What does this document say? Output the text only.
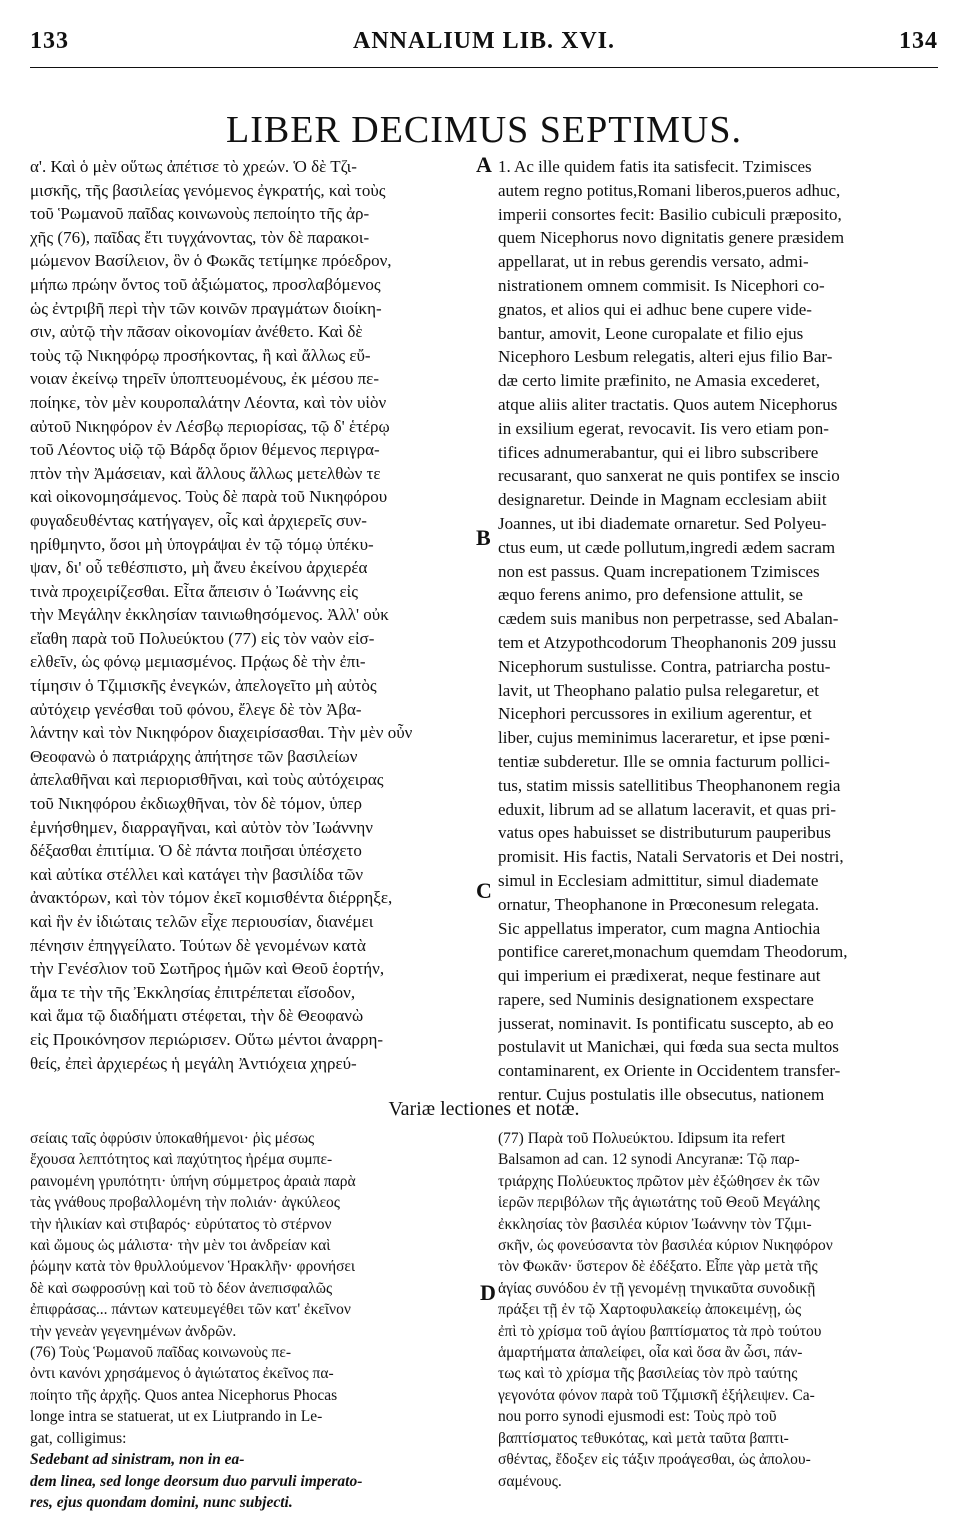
133	ANNALIUM LIB. XVI.	134
LIBER DECIMUS SEPTIMUS.
α'. Καὶ ὁ μὲν οὕτως ἀπέτισε τὸ χρεών. Ὁ δὲ Τζι-
μισκῆς, τῆς βασιλείας γενόμενος ἐγκρατής, καὶ τοὺς
τοῦ Ῥωμανοῦ παῖδας κοινωνοὺς πεποίητο τῆς ἀρ-
χῆς (76), παῖδας ἔτι τυγχάνοντας, τὸν δὲ παρακοι-
μώμενον Βασίλειον, ὃν ὁ Φωκᾶς τετίμηκε πρόεδρον,
μήπω πρώην ὄντος τοῦ ἀξιώματος, προσλαβόμενος
ὡς ἐντριβῆ περὶ τὴν τῶν κοινῶν πραγμάτων διοίκη-
σιν, αὐτῷ τὴν πᾶσαν οἰκονομίαν ἀνέθετο. Καὶ δὲ
τοὺς τῷ Νικηφόρῳ προσήκοντας, ἢ καὶ ἄλλως εὔ-
νοιαν ἐκείνῳ τηρεῖν ὑποπτευομένους, ἐκ μέσου πε-
ποίηκε, τὸν μὲν κουροπαλάτην Λέοντα, καὶ τὸν υἱὸν
αὐτοῦ Νικηφόρον ἐν Λέσβῳ περιορίσας, τῷ δ' ἑτέρῳ
τοῦ Λέοντος υἱῷ τῷ Βάρδᾳ ὅριον θέμενος περιγρα-
πτὸν τὴν Ἀμάσειαν, καὶ ἄλλους ἄλλως μετελθὼν τε
καὶ οἰκονομησάμενος. Τοὺς δὲ παρὰ τοῦ Νικηφόρου
φυγαδευθέντας κατήγαγεν, οἷς καὶ ἀρχιερεῖς συν-
ηρίθμηντο, ὅσοι μὴ ὑπογράψαι ἐν τῷ τόμῳ ὑπέκυ-
ψαν, δι' οὗ τεθέσπιστο, μὴ ἄνευ ἐκείνου ἀρχιερέα
τινὰ προχειρίζεσθαι. Εἶτα ἄπεισιν ὁ Ἰωάννης εἰς
τὴν Μεγάλην ἐκκλησίαν ταινιωθησόμενος. Ἀλλ' οὐκ
εἴαθη παρὰ τοῦ Πολυεύκτου (77) εἰς τὸν ναὸν εἰσ-
ελθεῖν, ὡς φόνῳ μεμιασμένος. Πρᾴως δὲ τὴν ἐπι-
τίμησιν ὁ Τζιμισκῆς ἐνεγκών, ἀπελογεῖτο μὴ αὐτὸς
αὐτόχειρ γενέσθαι τοῦ φόνου, ἔλεγε δὲ τὸν Ἀβα-
λάντην καὶ τὸν Νικηφόρον διαχειρίσασθαι. Τὴν μὲν οὖν
Θεοφανὼ ὁ πατριάρχης ἀπήτησε τῶν βασιλείων
ἀπελαθῆναι καὶ περιορισθῆναι, καὶ τοὺς αὐτόχειρας
τοῦ Νικηφόρου ἐκδιωχθῆναι, τὸν δὲ τόμον, ὑπερ
ἐμνήσθημεν, διαρραγῆναι, καὶ αὐτὸν τὸν Ἰωάννην
δέξασθαι ἐπιτίμια. Ὁ δὲ πάντα ποιῆσαι ὑπέσχετο
καὶ αὐτίκα στέλλει καὶ κατάγει τὴν βασιλίδα τῶν
ἀνακτόρων, καὶ τὸν τόμον ἐκεῖ κομισθέντα διέρρηξε,
καὶ ἣν ἐν ἰδιώταις τελῶν εἶχε περιουσίαν, διανέμει
πένησιν ἐπηγγείλατο. Τούτων δὲ γενομένων κατὰ
τὴν Γενέσλιον τοῦ Σωτῆρος ἡμῶν καὶ Θεοῦ ἑορτήν,
ἅμα τε τὴν τῆς Ἐκκλησίας ἐπιτρέπεται εἴσοδον,
καὶ ἅμα τῷ διαδήματι στέφεται, τὴν δὲ Θεοφανὼ
εἰς Προικόνησον περιώρισεν. Οὕτω μέντοι ἀναρρη-
θείς, ἐπεὶ ἀρχιερέως ἡ μεγάλη Ἀντιόχεια χηρεύ-
1. Ac ille quidem fatis ita satisfecit. Tzimisces
autem regno potitus,Romani liberos,pueros adhuc,
imperii consortes fecit: Basilio cubiculi præposito,
quem Nicephorus novo dignitatis genere præsidem
appellarat, ut in rebus gerendis versato, admi-
nistrationem omnem commisit. Is Nicephori co-
gnatos, et alios qui ei adhuc bene cupere vide-
bantur, amovit, Leone curopalate et filio ejus
Nicephoro Lesbum relegatis, alteri ejus filio Bar-
dæ certo limite præfinito, ne Amasia excederet,
atque aliis aliter tractatis. Quos autem Nicephorus
in exsilium egerat, revocavit. Iis vero etiam pon-
tifices adnumerabantur, qui ei libro subscribere
recusarant, quo sanxerat ne quis pontifex se inscio
designaretur. Deinde in Magnam ecclesiam abiit
Joannes, ut ibi diademate ornaretur. Sed Polyeu-
ctus eum, ut cæde pollutum,ingredi ædem sacram
non est passus. Quam increpationem Tzimisces
æquo ferens animo, pro defensione attulit, se
cædem suis manibus non perpetrasse, sed Abalan-
tem et Atzypothcodorum Theophanonis 209 jussu
Nicephorum sustulisse. Contra, patriarcha postu-
lavit, ut Theophano palatio pulsa relegaretur, et
Nicephori percussores in exilium agerentur, et
liber, cujus meminimus laceraretur, et ipse pœni-
tentiæ subderetur. Ille se omnia facturum pollici-
tus, statim missis satellitibus Theophanonem regia
eduxit, librum ad se allatum laceravit, et quas pri-
vatus opes habuisset se distributurum pauperibus
promisit. His factis, Natali Servatoris et Dei nostri,
simul in Ecclesiam admittitur, simul diademate
ornatur, Theophanone in Prœconesum relegata.
Sic appellatus imperator, cum magna Antiochia
pontifice careret,monachum quemdam Theodorum,
qui imperium ei prædixerat, neque festinare aut
rapere, sed Numinis designationem exspectare
jusserat, nominavit. Is pontificatu suscepto, ab eo
postulavit ut Manichæi, qui fœda sua secta multos
contaminarent, ex Oriente in Occidentem transfer-
rentur. Cujus postulatis ille obsecutus, nationem
A
B
C
D
Variæ lectiones et notæ.
σείαις ταῖς ὀφρύσιν ὑποκαθήμενοι· ῥὶς μέσως
ἔχουσα λεπτότητος καὶ παχύτητος ἠρέμα συμπε-
ραινομένη γρυπότητι· ὑπήνη σύμμετρος ἀραιὰ παρὰ
τὰς γνάθους προβαλλομένη τὴν πολιάν· ἀγκύλεος
τὴν ἡλικίαν καὶ στιβαρός· εὐρύτατος τὸ στέρνον
καὶ ὤμους ὡς μάλιστα· τὴν μὲν τοι ἀνδρείαν καὶ
ῥώμην κατὰ τὸν θρυλλούμενον Ἡρακλῆν· φρονήσει
δὲ καὶ σωφροσύνῃ καὶ τοῦ τὸ δέον ἀνεπισφαλῶς
ἐπιφράσας... πάντων κατευμεγέθει τῶν κατ' ἐκεῖνον
τὴν γενεὰν γεγενημένων ἀνδρῶν.
(76) Τοὺς Ῥωμανοῦ παῖδας κοινωνοὺς πε-
ὀντι κανόνι χρησάμενος ὁ ἀγιώτατος ἐκεῖνος πα-
ποίητο τῆς ἀρχῆς. Quos antea Nicephorus Phocas
longe intra se statuerat, ut ex Liutprando in Le-
gat, colligimus:
Sedebant ad sinistram, non in ea-
dem linea, sed longe deorsum duo parvuli imperato-
res, ejus quondam domini, nunc subjecti.
(77) Παρὰ τοῦ Πολυεύκτου. Idipsum ita refert
Balsamon ad can. 12 synodi Ancyranæ: Τῷ παρ-
τριάρχης Πολύευκτος πρῶτον μὲν ἐξώθησεν ἐκ τῶν
ἱερῶν περιβόλων τῆς ἁγιωτάτης τοῦ Θεοῦ Μεγάλης
ἐκκλησίας τὸν βασιλέα κύριον Ἰωάννην τὸν Τζιμι-
σκῆν, ὡς φονεύσαντα τὸν βασιλέα κύριον Νικηφόρον
τὸν Φωκᾶν· ὕστερον δὲ ἐδέξατο. Εἶπε γὰρ μετὰ τῆς
ἁγίας συνόδου ἐν τῇ γενομένῃ τηνικαῦτα συνοδικῇ
πράξει τῇ ἐν τῷ Χαρτοφυλακείῳ ἀποκειμένῃ, ὡς
ἐπὶ τὸ χρίσμα τοῦ ἁγίου βαπτίσματος τὰ πρὸ τούτου
ἁμαρτήματα ἀπαλείφει, οἷα καὶ ὅσα ἂν ὦσι, πάν-
τως καὶ τὸ χρίσμα τῆς βασιλείας τὸν πρὸ ταύτης
γεγονότα φόνον παρὰ τοῦ Τζιμισκῆ ἐξήλειψεν. Ca-
nou porro synodi ejusmodi est: Τοὺς πρὸ τοῦ
βαπτίσματος τεθυκότας, καὶ μετὰ ταῦτα βαπτι-
σθέντας, ἔδοξεν εἰς τάξιν προάγεσθαι, ὡς ἀπολου-
σαμένους.
